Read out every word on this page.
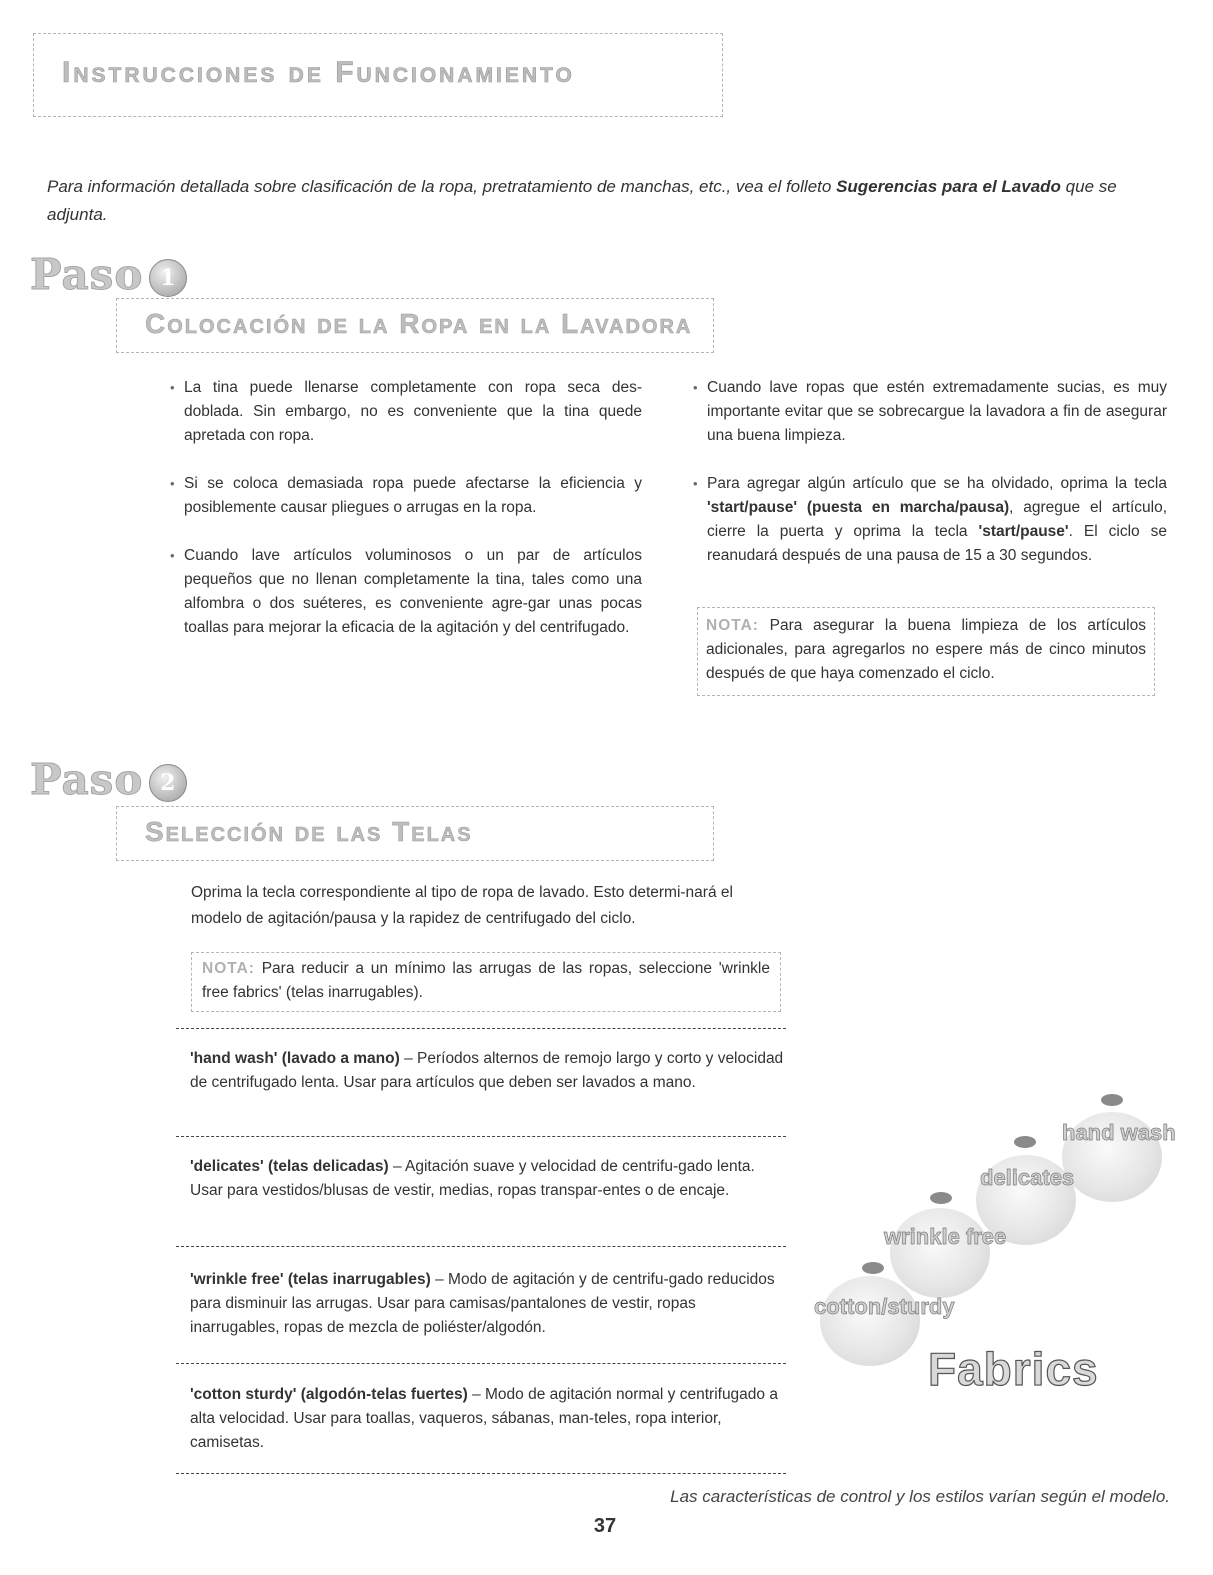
Instrucciones de Funcionamiento
Para información detallada sobre clasificación de la ropa, pretratamiento de manchas, etc., vea el folleto Sugerencias para el Lavado que se adjunta.
Paso 1
Colocación de la Ropa en la Lavadora
• La tina puede llenarse completamente con ropa seca des-doblada. Sin embargo, no es conveniente que la tina quede apretada con ropa.
• Si se coloca demasiada ropa puede afectarse la eficiencia y posiblemente causar pliegues o arrugas en la ropa.
• Cuando lave artículos voluminosos o un par de artículos pequeños que no llenan completamente la tina, tales como una alfombra o dos suéteres, es conveniente agre-gar unas pocas toallas para mejorar la eficacia de la agitación y del centrifugado.
• Cuando lave ropas que estén extremadamente sucias, es muy importante evitar que se sobrecargue la lavadora a fin de asegurar una buena limpieza.
• Para agregar algún artículo que se ha olvidado, oprima la tecla 'start/pause' (puesta en marcha/pausa), agregue el artículo, cierre la puerta y oprima la tecla 'start/pause'. El ciclo se reanudará después de una pausa de 15 a 30 segundos.
NOTA: Para asegurar la buena limpieza de los artículos adicionales, para agregarlos no espere más de cinco minutos después de que haya comenzado el ciclo.
Paso 2
Selección de las Telas
Oprima la tecla correspondiente al tipo de ropa de lavado. Esto determi-nará el modelo de agitación/pausa y la rapidez de centrifugado del ciclo.
NOTA: Para reducir a un mínimo las arrugas de las ropas, seleccione 'wrinkle free fabrics' (telas inarrugables).
'hand wash' (lavado a mano) – Períodos alternos de remojo largo y corto y velocidad de centrifugado lenta. Usar para artículos que deben ser lavados a mano.
'delicates' (telas delicadas) – Agitación suave y velocidad de centrifu-gado lenta. Usar para vestidos/blusas de vestir, medias, ropas transpar-entes o de encaje.
'wrinkle free' (telas inarrugables) – Modo de agitación y de centrifu-gado reducidos para disminuir las arrugas. Usar para camisas/pantalones de vestir, ropas inarrugables, ropas de mezcla de poliéster/algodón.
'cotton sturdy' (algodón-telas fuertes) – Modo de agitación normal y centrifugado a alta velocidad. Usar para toallas, vaqueros, sábanas, man-teles, ropa interior, camisetas.
hand wash
delicates
wrinkle free
cotton/sturdy
Fabrics
Las características de control y los estilos varían según el modelo.
37
